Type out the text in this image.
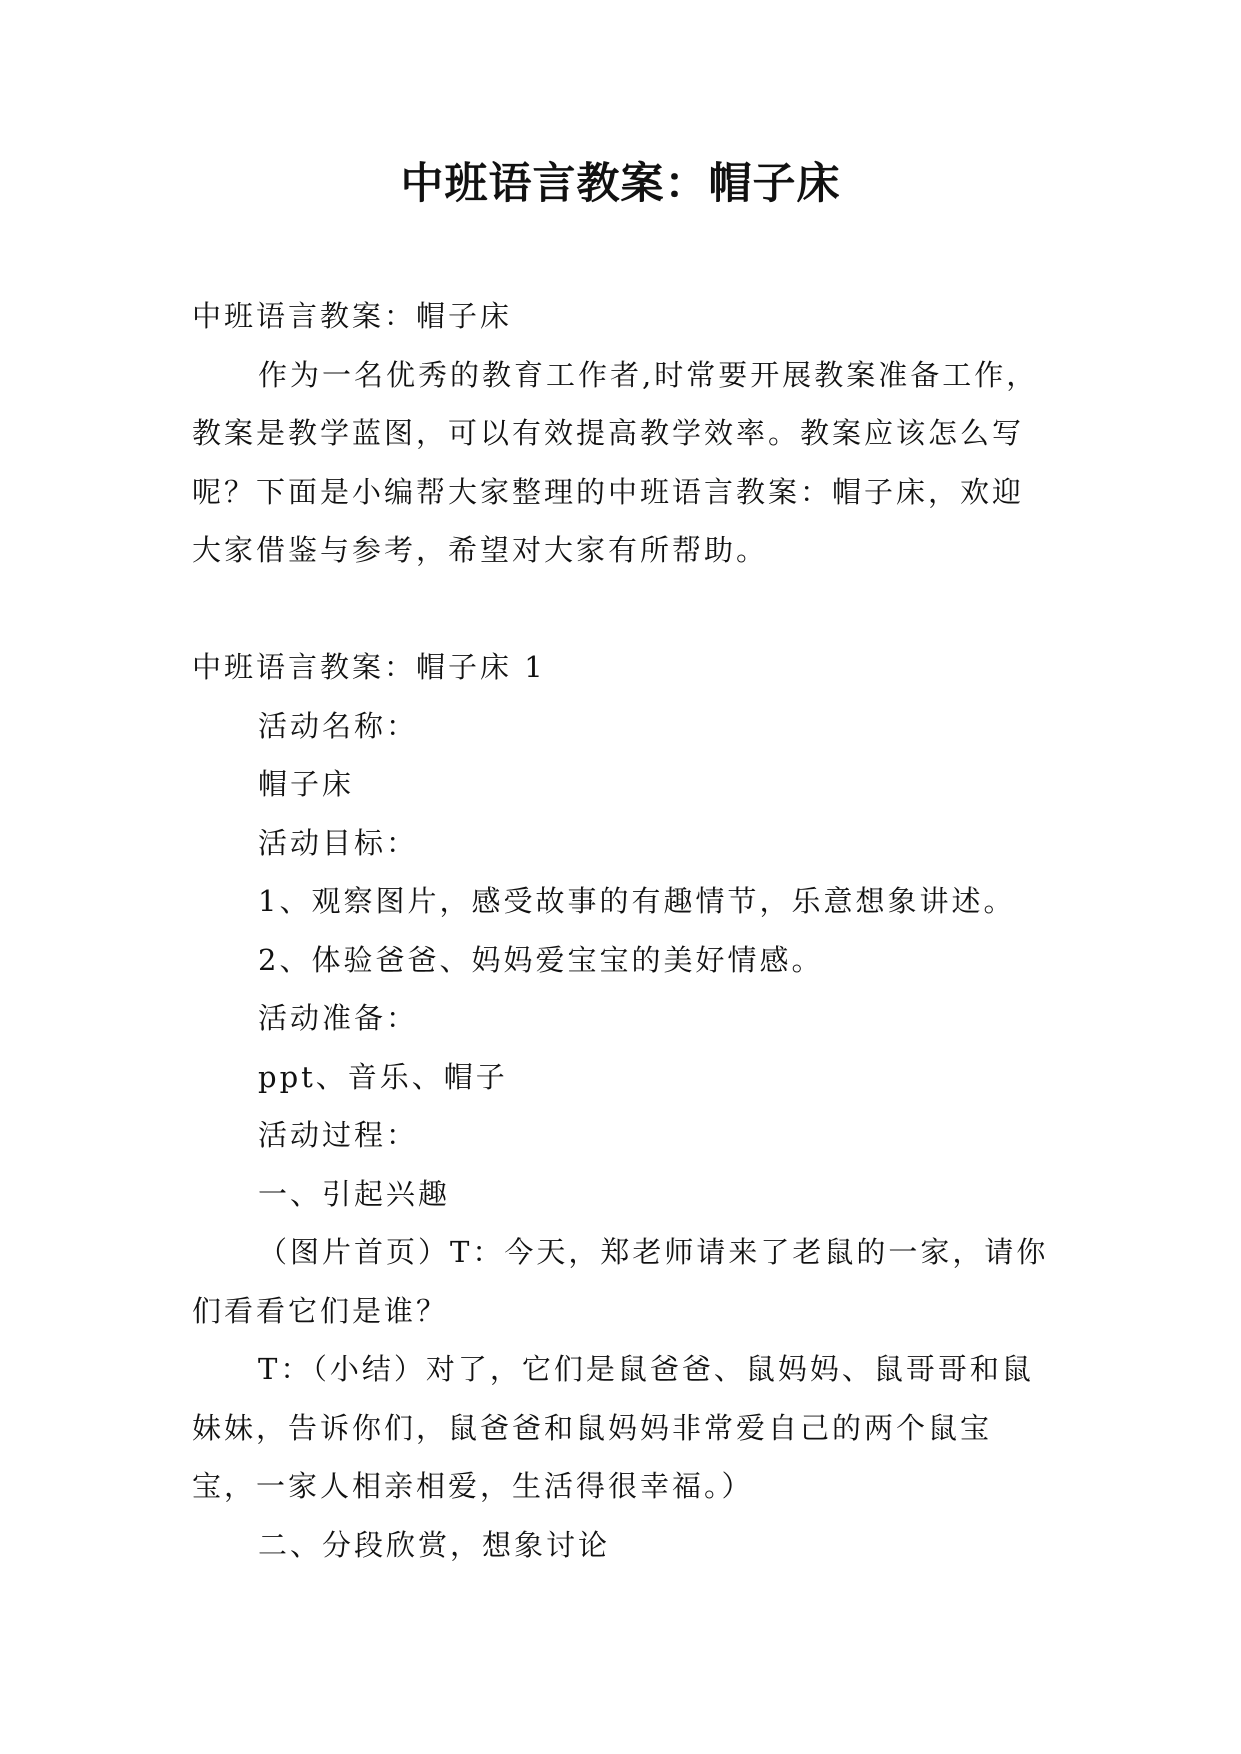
中班语言教案：帽子床

中班语言教案：帽子床

作为一名优秀的教育工作者,时常要开展教案准备工作，教案是教学蓝图，可以有效提高教学效率。教案应该怎么写呢？下面是小编帮大家整理的中班语言教案：帽子床，欢迎大家借鉴与参考，希望对大家有所帮助。

中班语言教案：帽子床 1

活动名称：

帽子床

活动目标：

1、观察图片，感受故事的有趣情节，乐意想象讲述。

2、体验爸爸、妈妈爱宝宝的美好情感。

活动准备：

ppt、音乐、帽子

活动过程：

一、引起兴趣

（图片首页）T：今天，郑老师请来了老鼠的一家，请你们看看它们是谁？

T：（小结）对了，它们是鼠爸爸、鼠妈妈、鼠哥哥和鼠妹妹，告诉你们，鼠爸爸和鼠妈妈非常爱自己的两个鼠宝宝，一家人相亲相爱，生活得很幸福。）

二、分段欣赏，想象讨论
